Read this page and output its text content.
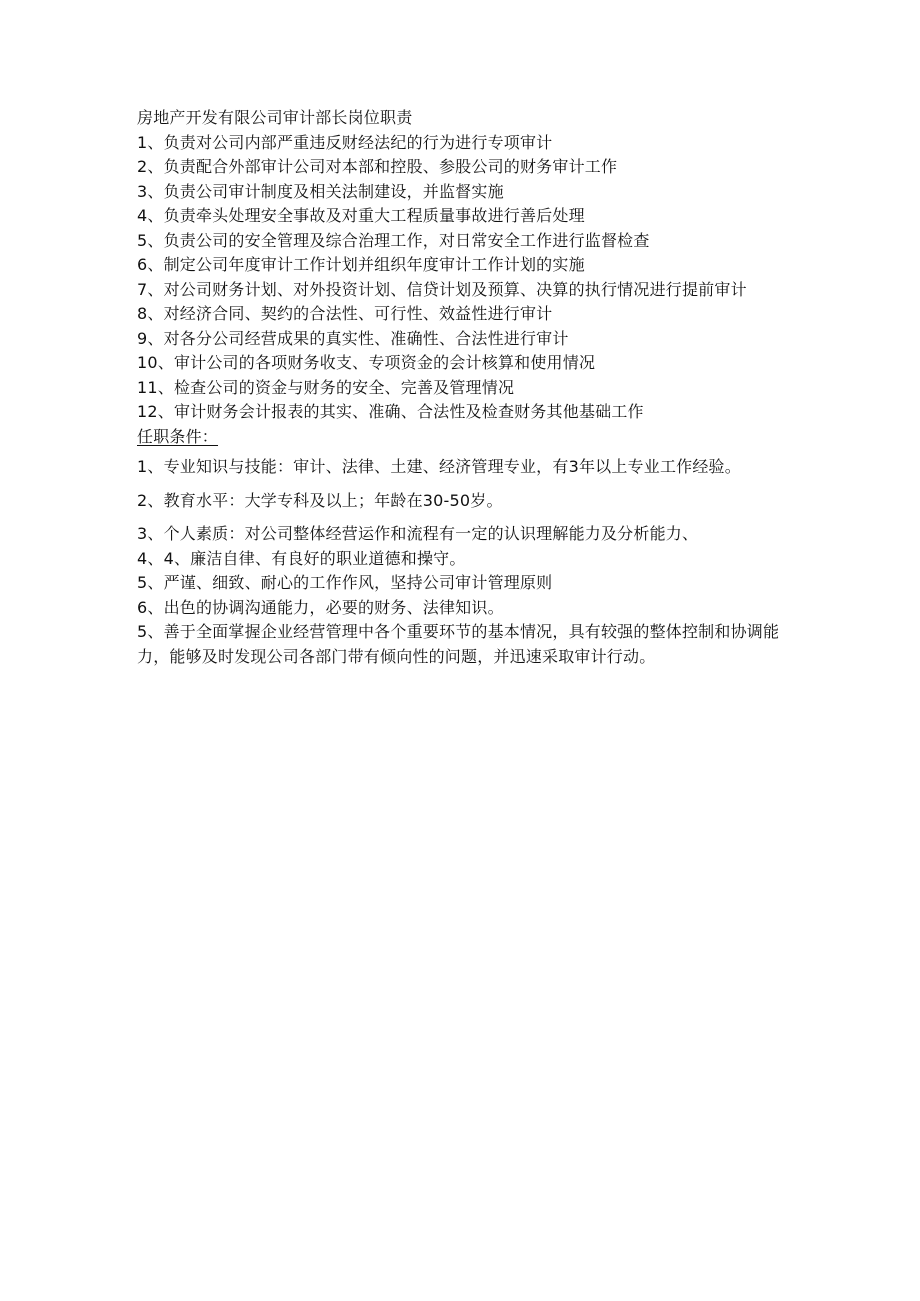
房地产开发有限公司审计部长岗位职责
1、负责对公司内部严重违反财经法纪的行为进行专项审计
2、负责配合外部审计公司对本部和控股、参股公司的财务审计工作
3、负责公司审计制度及相关法制建设，并监督实施
4、负责牵头处理安全事故及对重大工程质量事故进行善后处理
5、负责公司的安全管理及综合治理工作，对日常安全工作进行监督检查
6、制定公司年度审计工作计划并组织年度审计工作计划的实施
7、对公司财务计划、对外投资计划、信贷计划及预算、决算的执行情况进行提前审计
8、对经济合同、契约的合法性、可行性、效益性进行审计
9、对各分公司经营成果的真实性、准确性、合法性进行审计
10、审计公司的各项财务收支、专项资金的会计核算和使用情况
11、检查公司的资金与财务的安全、完善及管理情况
12、审计财务会计报表的其实、准确、合法性及检查财务其他基础工作
任职条件：
1、专业知识与技能：审计、法律、土建、经济管理专业，有3年以上专业工作经验。
2、教育水平：大学专科及以上；年龄在30-50岁。
3、个人素质：对公司整体经营运作和流程有一定的认识理解能力及分析能力、
4、4、廉洁自律、有良好的职业道德和操守。
5、严谨、细致、耐心的工作作风，坚持公司审计管理原则
6、出色的协调沟通能力，必要的财务、法律知识。
5、善于全面掌握企业经营管理中各个重要环节的基本情况，具有较强的整体控制和协调能力，能够及时发现公司各部门带有倾向性的问题，并迅速采取审计行动。
